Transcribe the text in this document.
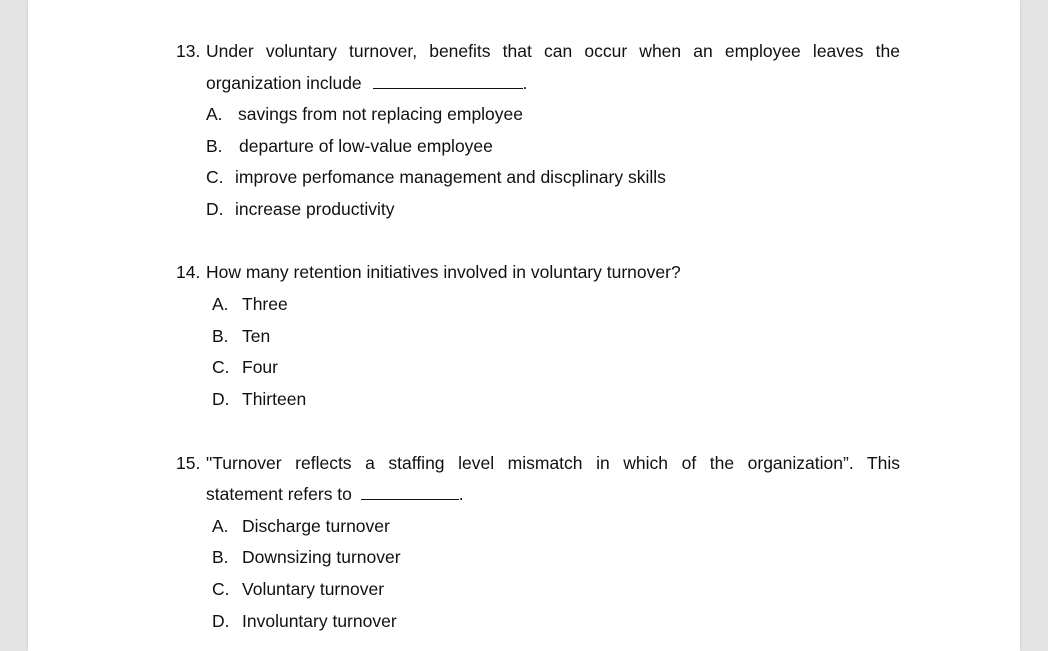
13. Under voluntary turnover, benefits that can occur when an employee leaves the
organization include	.
A. savings from not replacing employee
B. departure of low-value employee
C. improve perfomance management and discplinary skills
D. increase productivity
14. How many retention initiatives involved in voluntary turnover?
A. Three
B. Ten
C. Four
D. Thirteen
15. "Turnover reflects a staffing level mismatch in which of the organization”. This
statement refers to	.
A. Discharge turnover
B. Downsizing turnover
C. Voluntary turnover
D. Involuntary turnover
